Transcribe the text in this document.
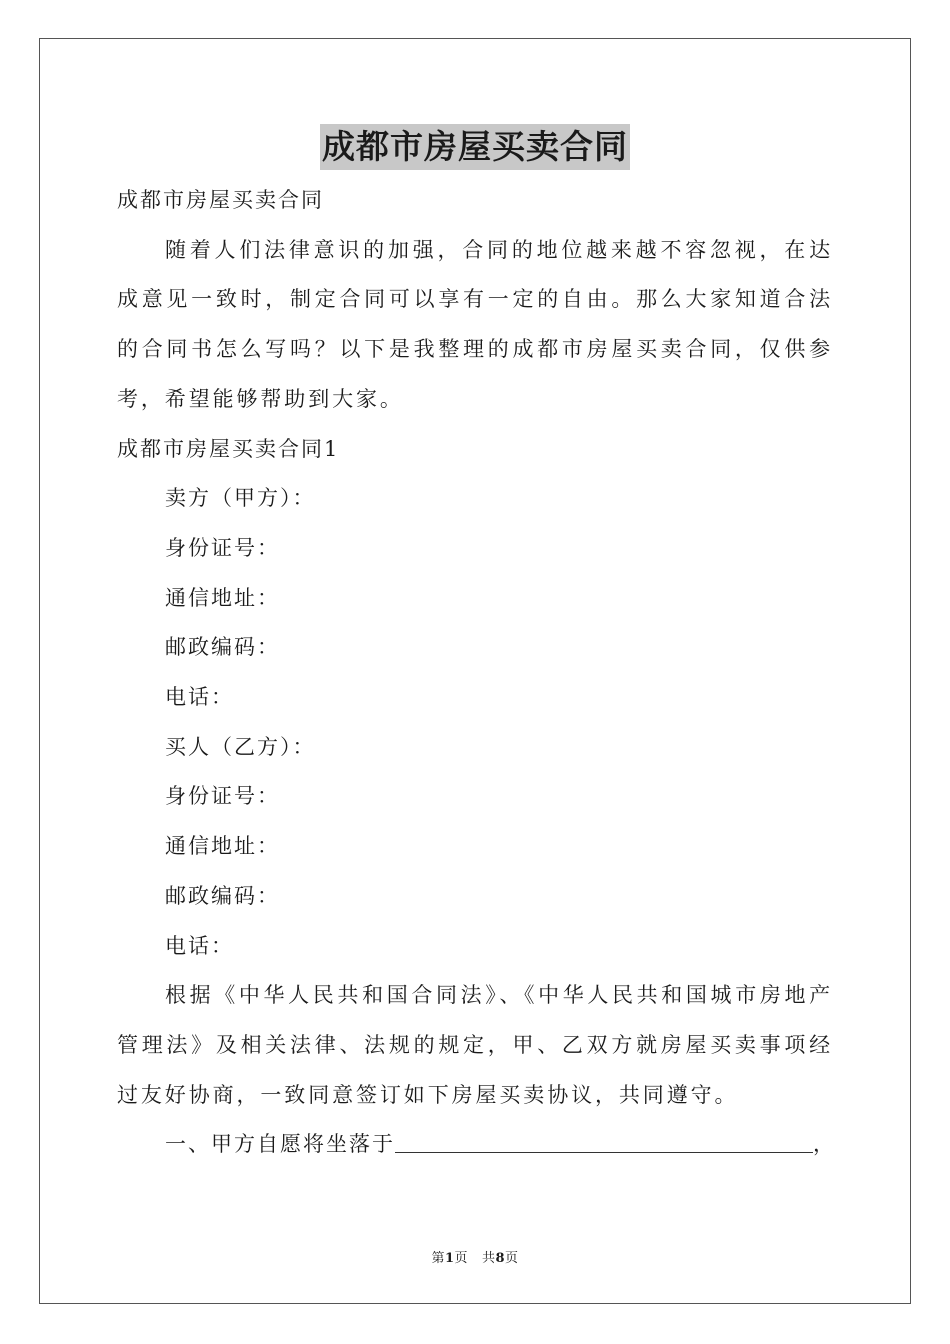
成都市房屋买卖合同
成都市房屋买卖合同

随着人们法律意识的加强，合同的地位越来越不容忽视，在达成意见一致时，制定合同可以享有一定的自由。那么大家知道合法的合同书怎么写吗？以下是我整理的成都市房屋买卖合同，仅供参考，希望能够帮助到大家。

成都市房屋买卖合同1
卖方（甲方）：
身份证号：
通信地址：
邮政编码：
电话：
买人（乙方）：
身份证号：
通信地址：
邮政编码：
电话：

根据《中华人民共和国合同法》、《中华人民共和国城市房地产管理法》及相关法律、法规的规定，甲、乙双方就房屋买卖事项经过友好协商，一致同意签订如下房屋买卖协议，共同遵守。

一、甲方自愿将坐落于	，
第1页 共8页
